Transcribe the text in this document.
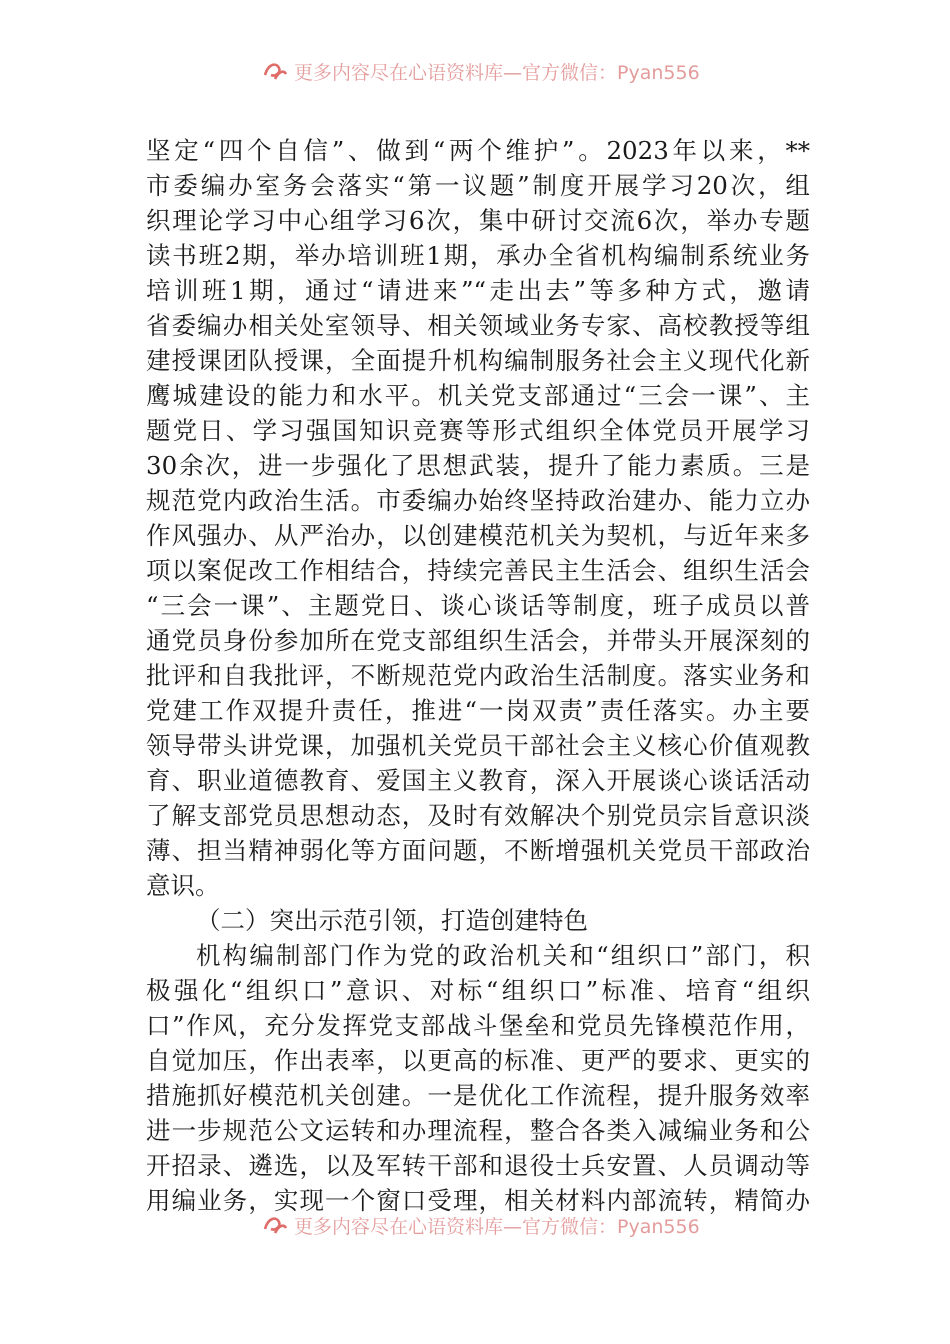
更多内容尽在心语资料库—官方微信：Pyan556
坚定“四个自信”、做到“两个维护”。2023年以来，**
市委编办室务会落实“第一议题”制度开展学习20次，组
织理论学习中心组学习6次，集中研讨交流6次，举办专题
读书班2期，举办培训班1期，承办全省机构编制系统业务
培训班1期，通过“请进来”“走出去”等多种方式，邀请
省委编办相关处室领导、相关领域业务专家、高校教授等组
建授课团队授课，全面提升机构编制服务社会主义现代化新
鹰城建设的能力和水平。机关党支部通过“三会一课”、主
题党日、学习强国知识竞赛等形式组织全体党员开展学习
30余次，进一步强化了思想武装，提升了能力素质。三是
规范党内政治生活。市委编办始终坚持政治建办、能力立办
作风强办、从严治办，以创建模范机关为契机，与近年来多
项以案促改工作相结合，持续完善民主生活会、组织生活会
“三会一课”、主题党日、谈心谈话等制度，班子成员以普
通党员身份参加所在党支部组织生活会，并带头开展深刻的
批评和自我批评，不断规范党内政治生活制度。落实业务和
党建工作双提升责任，推进“一岗双责”责任落实。办主要
领导带头讲党课，加强机关党员干部社会主义核心价值观教
育、职业道德教育、爱国主义教育，深入开展谈心谈话活动
了解支部党员思想动态，及时有效解决个别党员宗旨意识淡
薄、担当精神弱化等方面问题，不断增强机关党员干部政治
意识。
（二）突出示范引领，打造创建特色
机构编制部门作为党的政治机关和“组织口”部门，积
极强化“组织口”意识、对标“组织口”标准、培育“组织
口”作风，充分发挥党支部战斗堡垒和党员先锋模范作用，
自觉加压，作出表率，以更高的标准、更严的要求、更实的
措施抓好模范机关创建。一是优化工作流程，提升服务效率
进一步规范公文运转和办理流程，整合各类入减编业务和公
开招录、遴选，以及军转干部和退役士兵安置、人员调动等
用编业务，实现一个窗口受理，相关材料内部流转，精简办
更多内容尽在心语资料库—官方微信：Pyan556
